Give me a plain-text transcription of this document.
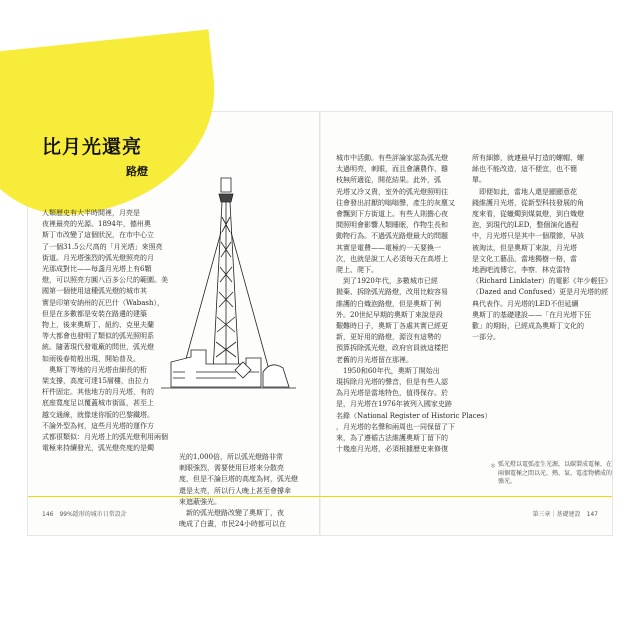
比月光還亮
路燈

人類歷史有大半時間裡，月亮是

夜裡最亮的光源。1894年，德州奧

斯丁市改變了這個狀況，在市中心立

了一個31.5公尺高的「月光塔」來照亮

街道。月光塔強烈的弧光燈照亮的月

光那成對比——每盞月光塔上有6顆

燈，可以照亮方圓八百多公尺的範圍。美

國第一個使用這種弧光燈的城市其

實是印第安納州的瓦巴什（Wabash），

但是在多數都是安裝在路邊的建築

物上，後來奧斯丁、紐約、克里夫蘭

等大都會也發明了類似的弧光照明系

統。隨著現代發電廠的問世，弧光燈

如雨後春筍般出現，開始普及。

　奧斯丁等地的月光塔由細長的桁

架支撐，高度可達15層樓，由拉力

杆件固定。其他地方的月光塔，有的

底座寬度足以覆蓋城市街區，甚至上

越交通線，就像迷你版的巴黎鐵塔。

不論外型為何，這些月光塔的運作方

式都很類似：月光塔上的弧光燈利用兩個

電極來持續發光，弧光燈亮度約是燭

光的1,000倍，所以弧光燈路非常

刺眼強烈，需要使用巨塔來分散亮

度，但是不論巨塔的高度為何，弧光燈

還是太亮，所以行人晚上甚至會撐傘

來遮蔽強光。

　新的弧光燈路改變了奧斯丁，夜

晚成了白晝，市民24小時都可以在

城市中活動。有些評論家認為弧光燈

太過明亮，刺眼，而且會讓農作、雞

枝無所適從，開花結果。此外，弧

光塔又冷又貴，室外的弧光燈照明往

往會發出討厭的嗡嗡聲，產生的灰塵又

會飄到下方街道上。有些人則擔心夜

間照明會影響人類睡眠，作物生長和

動物行為。不過弧光路燈最大的問題

其實是電費——電極約一天要換一

次，也就是說工人必須每天在高塔上

爬上、爬下。

　到了1920年代，多數城市已經

拋棄、拆除弧光路燈，改用比較容易

維護的白熾泡路燈，但是奧斯丁例

外。20世紀早期的奧斯丁來說是段

艱難時日子，奧斯丁各處其實已經更

新，更好用的路燈，源沒有這勢的

預算拆除弧光燈，政府官員就這樣把

老舊的月光塔留在那裡。

　1950和60年代，奧斯丁開始出

現拆除月光塔的聲音，但是有些人認

為月光塔是當地特色，值得保存。於

是，月光塔在1976年被列入國家史跡

名錄（National Register of Historic Places）

，月光塔的名聲和兩周也一同保留了下

來，為了遵循古法維護奧斯丁留下的

十幾座月光塔，必須根據歷史來修復

所有細節，就連最早打造的螺帽、螺

絲也不能改造，這不便宜，也不簡

單。

　即便如此，當地人還是顯顯意花

錢維護月光塔，從新型科技發展的角

度來看，從蠟燭到煤氣燈，到白熾燈

泡，到現代的LED，整個演化過程

中，月光塔只是其中一個環節，早該

被淘汰，但是奧斯丁來說，月光塔

是文化工藝品，當地獨樹一格，當

地酒吧流傳它，李察．林克雷特

（Richard Linklater）的電影《年少輕狂》

（Dazed and Confused）更是月光塔的經

典代表作。月光塔的LED不但延續

奧斯丁的基礎建設——「在月光塔下狂

歡」的期盼，已經成為奧斯丁文化的

一部分。

＊ 弧光燈以電弧產生光源，以碳製成電極，在

兩個電極之間以光、熱、氣、電產物構成的

強光。

146　99%隱形的城市日常設計	第三章｜基礎建設　147
